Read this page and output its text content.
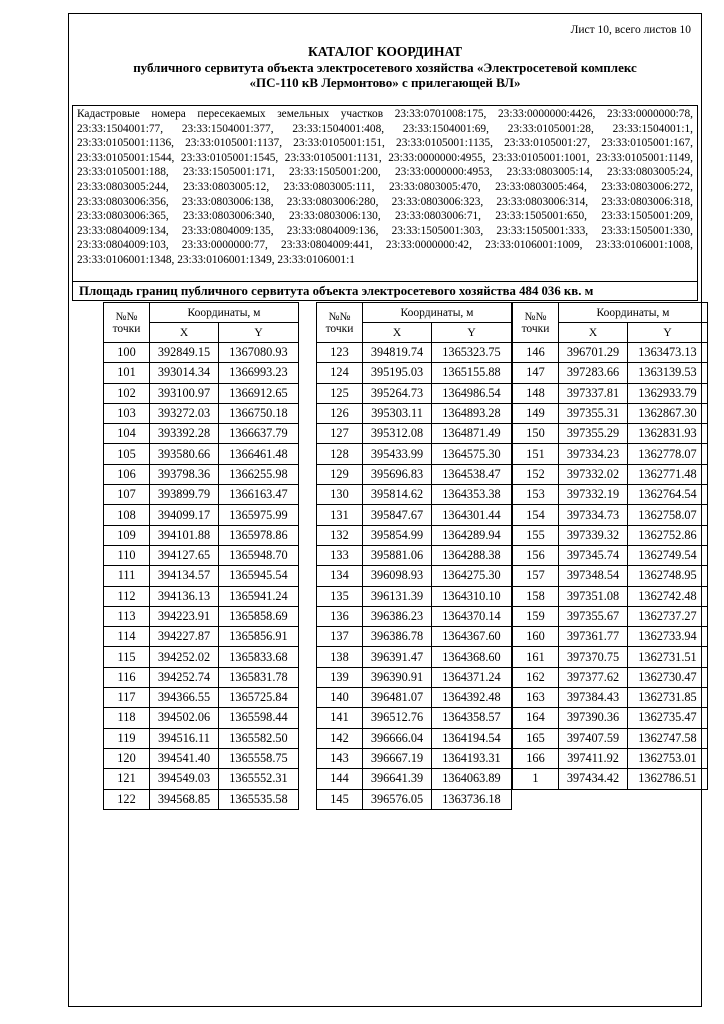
Лист 10, всего листов 10
КАТАЛОГ КООРДИНАТ
публичного сервитута объекта электросетевого хозяйства «Электросетевой комплекс
«ПС-110 кВ Лермонтово» с прилегающей ВЛ»
Кадастровые номера пересекаемых земельных участков 23:33:0701008:175, 23:33:0000000:4426, 23:33:0000000:78, 23:33:1504001:77, 23:33:1504001:377, 23:33:1504001:408, 23:33:1504001:69, 23:33:0105001:28, 23:33:1504001:1, 23:33:0105001:1136, 23:33:0105001:1137, 23:33:0105001:151, 23:33:0105001:1135, 23:33:0105001:27, 23:33:0105001:167, 23:33:0105001:1544, 23:33:0105001:1545, 23:33:0105001:1131, 23:33:0000000:4955, 23:33:0105001:1001, 23:33:0105001:1149, 23:33:0105001:188, 23:33:1505001:171, 23:33:1505001:200, 23:33:0000000:4953, 23:33:0803005:14, 23:33:0803005:24, 23:33:0803005:244, 23:33:0803005:12, 23:33:0803005:111, 23:33:0803005:470, 23:33:0803005:464, 23:33:0803006:272, 23:33:0803006:356, 23:33:0803006:138, 23:33:0803006:280, 23:33:0803006:323, 23:33:0803006:314, 23:33:0803006:318, 23:33:0803006:365, 23:33:0803006:340, 23:33:0803006:130, 23:33:0803006:71, 23:33:1505001:650, 23:33:1505001:209, 23:33:0804009:134, 23:33:0804009:135, 23:33:0804009:136, 23:33:1505001:303, 23:33:1505001:333, 23:33:1505001:330, 23:33:0804009:103, 23:33:0000000:77, 23:33:0804009:441, 23:33:0000000:42, 23:33:0106001:1009, 23:33:0106001:1008, 23:33:0106001:1348, 23:33:0106001:1349, 23:33:0106001:1
Площадь границ публичного сервитута объекта электросетевого хозяйства 484 036 кв. м
№№
точки	Координаты, м	
	X	Y
100	392849.15	1367080.93
101	393014.34	1366993.23
102	393100.97	1366912.65
103	393272.03	1366750.18
104	393392.28	1366637.79
105	393580.66	1366461.48
106	393798.36	1366255.98
107	393899.79	1366163.47
108	394099.17	1365975.99
109	394101.88	1365978.86
110	394127.65	1365948.70
111	394134.57	1365945.54
112	394136.13	1365941.24
113	394223.91	1365858.69
114	394227.87	1365856.91
115	394252.02	1365833.68
116	394252.74	1365831.78
117	394366.55	1365725.84
118	394502.06	1365598.44
119	394516.11	1365582.50
120	394541.40	1365558.75
121	394549.03	1365552.31
122	394568.85	1365535.58
№№
точки	Координаты, м	
	X	Y
123	394819.74	1365323.75
124	395195.03	1365155.88
125	395264.73	1364986.54
126	395303.11	1364893.28
127	395312.08	1364871.49
128	395433.99	1364575.30
129	395696.83	1364538.47
130	395814.62	1364353.38
131	395847.67	1364301.44
132	395854.99	1364289.94
133	395881.06	1364288.38
134	396098.93	1364275.30
135	396131.39	1364310.10
136	396386.23	1364370.14
137	396386.78	1364367.60
138	396391.47	1364368.60
139	396390.91	1364371.24
140	396481.07	1364392.48
141	396512.76	1364358.57
142	396666.04	1364194.54
143	396667.19	1364193.31
144	396641.39	1364063.89
145	396576.05	1363736.18
№№
точки	Координаты, м	
	X	Y
146	396701.29	1363473.13
147	397283.66	1363139.53
148	397337.81	1362933.79
149	397355.31	1362867.30
150	397355.29	1362831.93
151	397334.23	1362778.07
152	397332.02	1362771.48
153	397332.19	1362764.54
154	397334.73	1362758.07
155	397339.32	1362752.86
156	397345.74	1362749.54
157	397348.54	1362748.95
158	397351.08	1362742.48
159	397355.67	1362737.27
160	397361.77	1362733.94
161	397370.75	1362731.51
162	397377.62	1362730.47
163	397384.43	1362731.85
164	397390.36	1362735.47
165	397407.59	1362747.58
166	397411.92	1362753.01
1	397434.42	1362786.51
